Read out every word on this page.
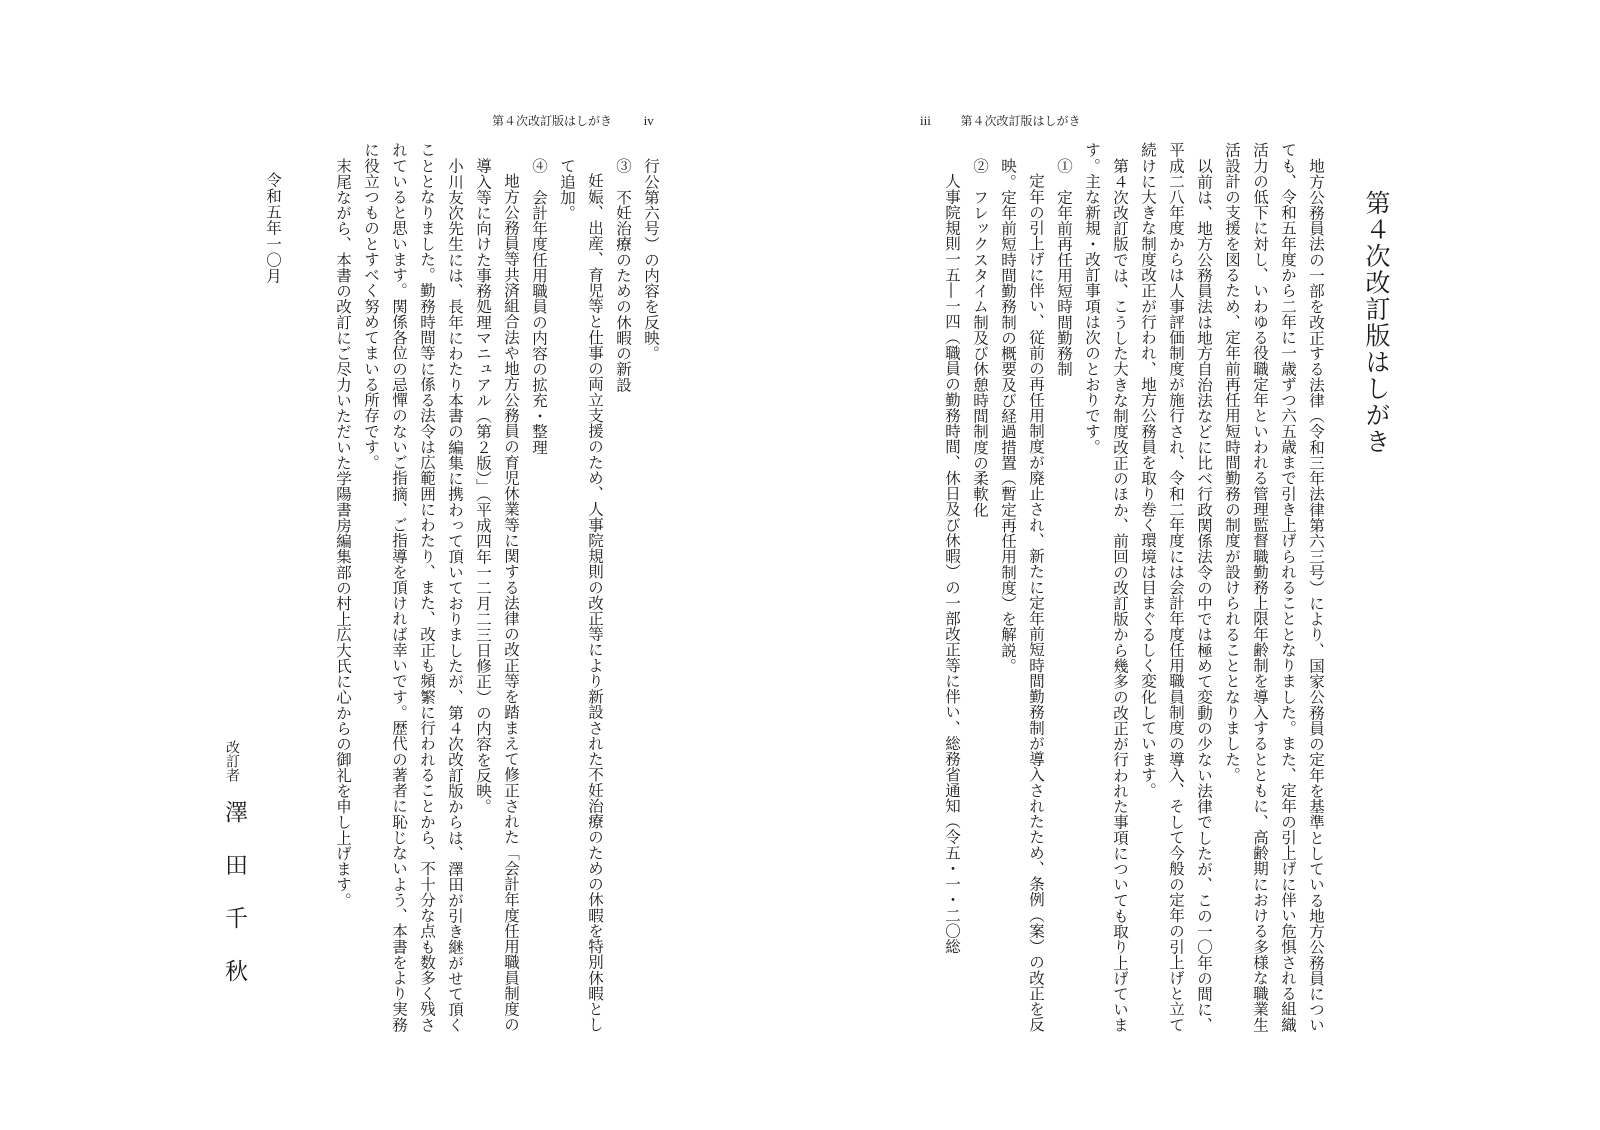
第４次改訂版はしがき iv	iii 第４次改訂版はしがき
第４次改訂版はしがき

地方公務員法の一部を改正する法律（令和三年法律第六三号）により、国家公務員の定年を基準としている地方公務員についても、令和五年度から二年に一歳ずつ六五歳まで引き上げられることとなりました。また、定年の引上げに伴い危惧される組織活力の低下に対し、いわゆる役職定年といわれる管理監督職勤務上限年齢制を導入するとともに、高齢期における多様な職業生活設計の支援を図るため、定年前再任用短時間勤務の制度が設けられることとなりました。

以前は、地方公務員法は地方自治法などに比べ行政関係法令の中では極めて変動の少ない法律でしたが、この一〇年の間に、平成二八年度からは人事評価制度が施行され、令和二年度には会計年度任用職員制度の導入、そして今般の定年の引上げと立て続けに大きな制度改正が行われ、地方公務員を取り巻く環境は目まぐるしく変化しています。

第４次改訂版では、こうした大きな制度改正のほか、前回の改訂版から幾多の改正が行われた事項についても取り上げています。主な新規・改訂事項は次のとおりです。

①　定年前再任用短時間勤務制

定年の引上げに伴い、従前の再任用制度が廃止され、新たに定年前短時間勤務制が導入されたため、条例（案）の改正を反映。定年前短時間勤務制の概要及び経過措置（暫定再任用制度）を解説。

②　フレックスタイム制及び休憩時間制度の柔軟化

人事院規則一五―一四（職員の勤務時間、休日及び休暇）の一部改正等に伴い、総務省通知（令五・一・二〇総

行公第六号）の内容を反映。

③　不妊治療のための休暇の新設

妊娠、出産、育児等と仕事の両立支援のため、人事院規則の改正等により新設された不妊治療のための休暇を特別休暇として追加。

④　会計年度任用職員の内容の拡充・整理

地方公務員等共済組合法や地方公務員の育児休業等に関する法律の改正等を踏まえて修正された「会計年度任用職員制度の導入等に向けた事務処理マニュアル（第２版）」（平成四年一二月二三日修正）の内容を反映。

小川友次先生には、長年にわたり本書の編集に携わって頂いておりましたが、第４次改訂版からは、澤田が引き継がせて頂くこととなりました。勤務時間等に係る法令は広範囲にわたり、また、改正も頻繁に行われることから、不十分な点も数多く残されていると思います。関係各位の忌憚のないご指摘、ご指導を頂ければ幸いです。歴代の著者に恥じないよう、本書をより実務に役立つものとすべく努めてまいる所存です。

末尾ながら、本書の改訂にご尽力いただいた学陽書房編集部の村上広大氏に心からの御礼を申し上げます。

令和五年一〇月
改訂者
澤田千秋
